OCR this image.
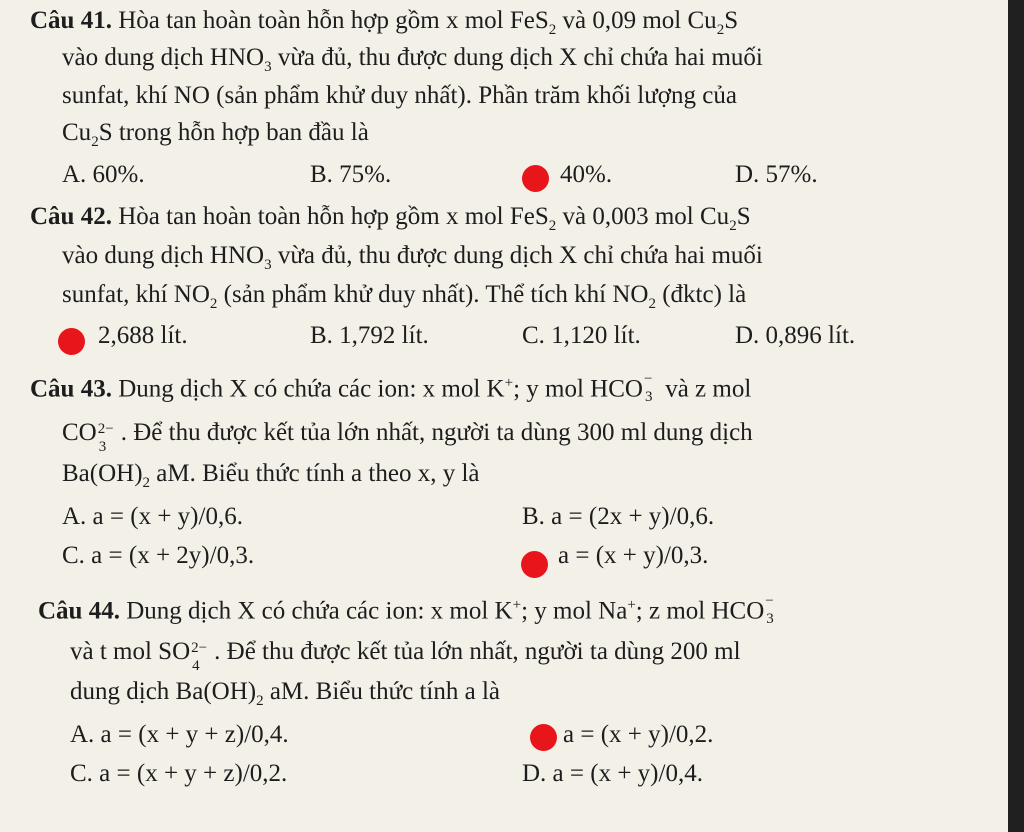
Câu 41. Hòa tan hoàn toàn hỗn hợp gồm x mol FeS$_2$ và 0,09 mol $Cu_2S$
vào dung dịch $HNO_3$ vừa đủ, thu được dung dịch X chỉ chứa hai muối
sunfat, khí NO (sản phẩm khử duy nhất). Phần trăm khối lượng của
$Cu_2S$ trong hỗn hợp ban đầu là
A. 60%.	B. 75%.	40%.	D. 57%.
Câu 42. Hòa tan hoàn toàn hỗn hợp gồm x mol FeS$_2$ và 0,003 mol $Cu_2S$
vào dung dịch $HNO_3$ vừa đủ, thu được dung dịch X chỉ chứa hai muối
sunfat, khí $NO_2$ (sản phẩm khử duy nhất). Thể tích khí $NO_2$ (đktc) là
2,688 lít.	B. 1,792 lít.	C. 1,120 lít.	D. 0,896 lít.
Câu 43. Dung dịch X có chứa các ion: x mol K+; y mol HCO −
3 và z mol
CO 2−
3
. Để thu được kết tủa lớn nhất, người ta dùng 300 ml dung dịch
$Ba(OH)_2$ aM. Biểu thức tính a theo x, y là
A. a = (x + y)/0,6.	B. a = (2x + y)/0,6.
C. a = (x + 2y)/0,3.	a = (x + y)/0,3.
Câu 44. Dung dịch X có chứa các ion: x mol K+; y mol Na+; z mol HCO −
3
và t mol SO 2−
4
. Để thu được kết tủa lớn nhất, người ta dùng 200 ml
dung dịch $Ba(OH)_2$ aM. Biểu thức tính a là
A. a = (x + y + z)/0,4.	a = (x + y)/0,2.
C. a = (x + y + z)/0,2.	D. a = (x + y)/0,4.
